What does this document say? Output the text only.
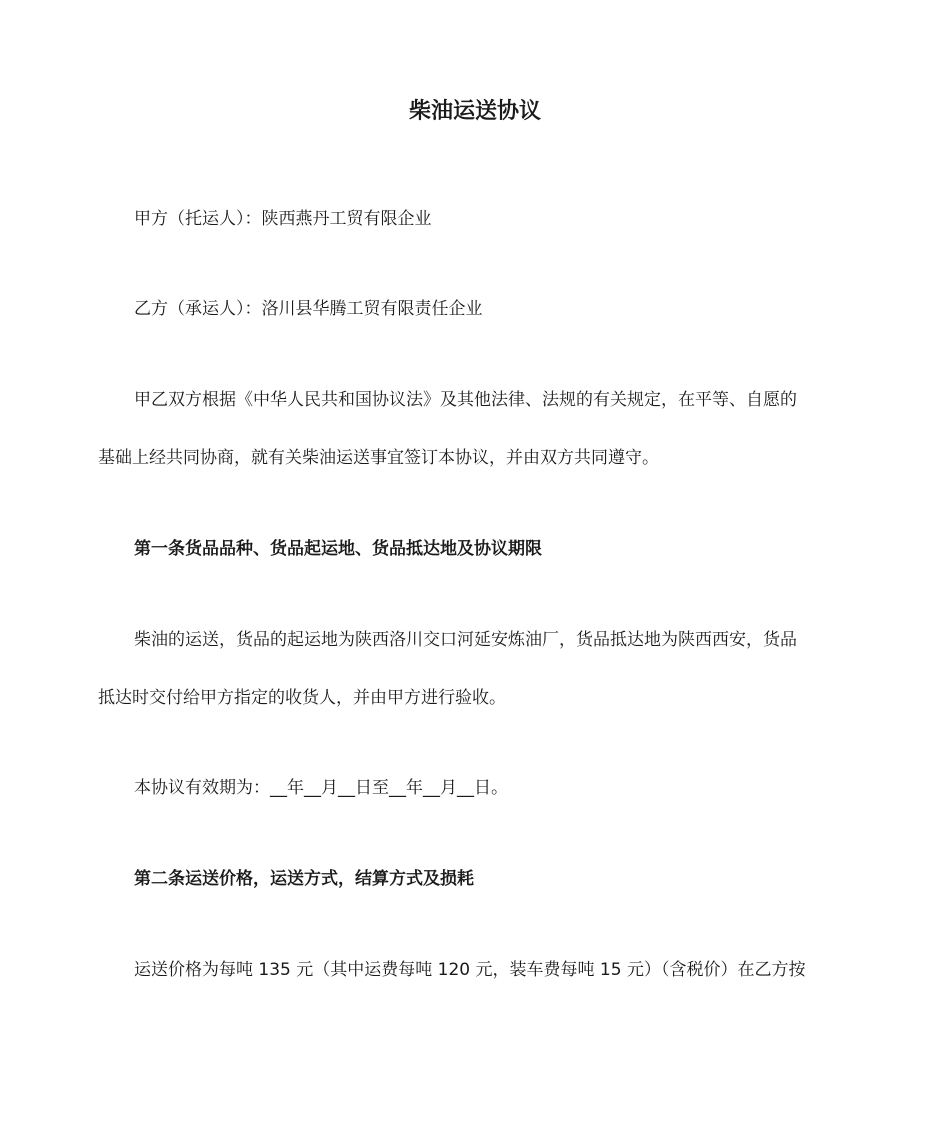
柴油运送协议
甲方（托运人）：陕西燕丹工贸有限企业
乙方（承运人）：洛川县华腾工贸有限责任企业
甲乙双方根据《中华人民共和国协议法》及其他法律、法规的有关规定，在平等、自愿的
基础上经共同协商，就有关柴油运送事宜签订本协议，并由双方共同遵守。
第一条货品品种、货品起运地、货品抵达地及协议期限
柴油的运送，货品的起运地为陕西洛川交口河延安炼油厂，货品抵达地为陕西西安，货品
抵达时交付给甲方指定的收货人，并由甲方进行验收。
本协议有效期为：__年__月__日至__年__月__日。
第二条运送价格，运送方式，结算方式及损耗
运送价格为每吨 135 元（其中运费每吨 120 元，装车费每吨 15 元）（含税价）在乙方按
